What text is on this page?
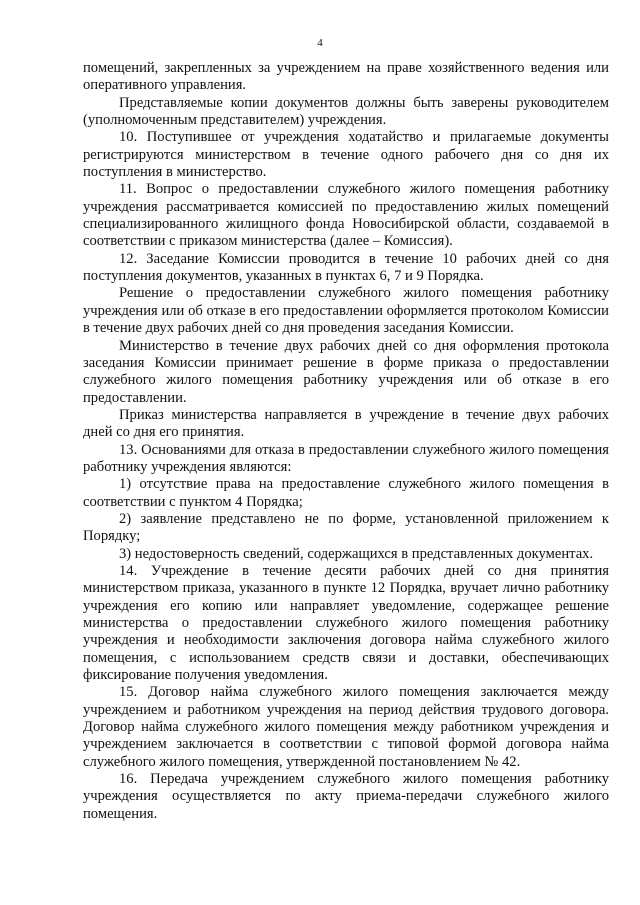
4

помещений, закрепленных за учреждением на праве хозяйственного ведения или оперативного управления.

Представляемые копии документов должны быть заверены руководителем (уполномоченным представителем) учреждения.

10. Поступившее от учреждения ходатайство и прилагаемые документы регистрируются министерством в течение одного рабочего дня со дня их поступления в министерство.

11. Вопрос о предоставлении служебного жилого помещения работнику учреждения рассматривается комиссией по предоставлению жилых помещений специализированного жилищного фонда Новосибирской области, создаваемой в соответствии с приказом министерства (далее – Комиссия).

12. Заседание Комиссии проводится в течение 10 рабочих дней со дня поступления документов, указанных в пунктах 6, 7 и 9 Порядка.

Решение о предоставлении служебного жилого помещения работнику учреждения или об отказе в его предоставлении оформляется протоколом Комиссии в течение двух рабочих дней со дня проведения заседания Комиссии.

Министерство в течение двух рабочих дней со дня оформления протокола заседания Комиссии принимает решение в форме приказа о предоставлении служебного жилого помещения работнику учреждения или об отказе в его предоставлении.

Приказ министерства направляется в учреждение в течение двух рабочих дней со дня его принятия.

13. Основаниями для отказа в предоставлении служебного жилого помещения работнику учреждения являются:

1) отсутствие права на предоставление служебного жилого помещения в соответствии с пунктом 4 Порядка;

2) заявление представлено не по форме, установленной приложением к Порядку;

3) недостоверность сведений, содержащихся в представленных документах.

14. Учреждение в течение десяти рабочих дней со дня принятия министерством приказа, указанного в пункте 12 Порядка, вручает лично работнику учреждения его копию или направляет уведомление, содержащее решение министерства о предоставлении служебного жилого помещения работнику учреждения и необходимости заключения договора найма служебного жилого помещения, с использованием средств связи и доставки, обеспечивающих фиксирование получения уведомления.

15. Договор найма служебного жилого помещения заключается между учреждением и работником учреждения на период действия трудового договора. Договор найма служебного жилого помещения между работником учреждения и учреждением заключается в соответствии с типовой формой договора найма служебного жилого помещения, утвержденной постановлением № 42.

16. Передача учреждением служебного жилого помещения работнику учреждения осуществляется по акту приема-передачи служебного жилого помещения.
